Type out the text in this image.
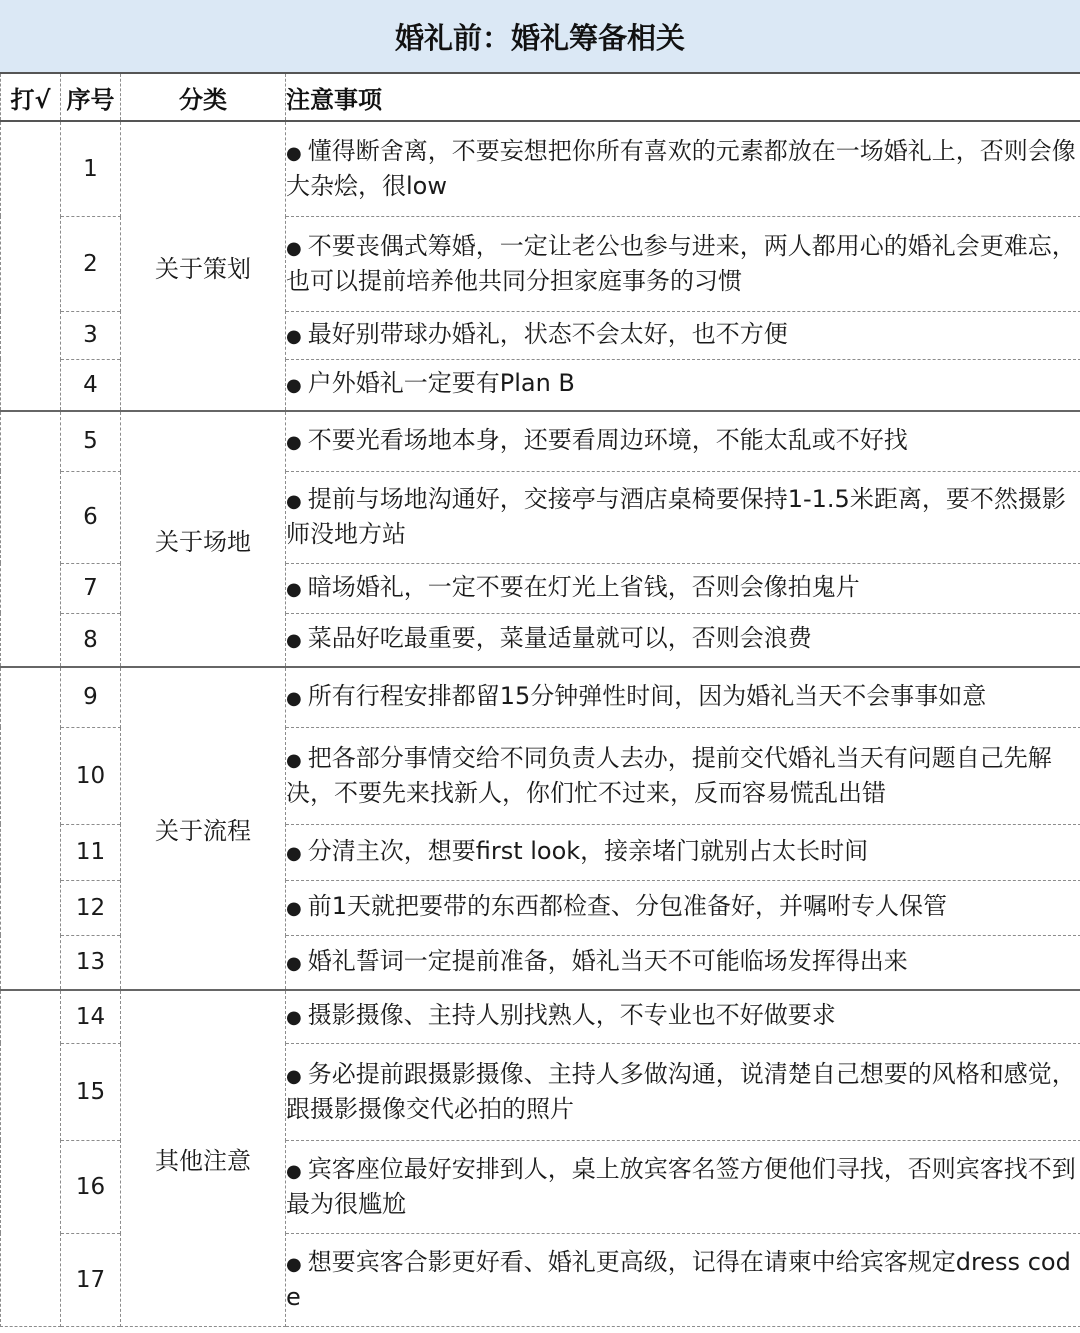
婚礼前：婚礼筹备相关
打√	序号	分类	注意事项
	1	关于策划	● 懂得断舍离，不要妄想把你所有喜欢的元素都放在一场婚礼上，否则会像大杂烩，很low
	2		● 不要丧偶式筹婚，一定让老公也参与进来，两人都用心的婚礼会更难忘，也可以提前培养他共同分担家庭事务的习惯
	3		● 最好别带球办婚礼，状态不会太好，也不方便
	4		● 户外婚礼一定要有Plan B
	5	关于场地	● 不要光看场地本身，还要看周边环境，不能太乱或不好找
	6		● 提前与场地沟通好，交接亭与酒店桌椅要保持1-1.5米距离，要不然摄影师没地方站
	7		● 暗场婚礼，一定不要在灯光上省钱，否则会像拍鬼片
	8		● 菜品好吃最重要，菜量适量就可以，否则会浪费
	9	关于流程	● 所有行程安排都留15分钟弹性时间，因为婚礼当天不会事事如意
	10		● 把各部分事情交给不同负责人去办，提前交代婚礼当天有问题自己先解决，不要先来找新人，你们忙不过来，反而容易慌乱出错
	11		● 分清主次，想要first look，接亲堵门就别占太长时间
	12		● 前1天就把要带的东西都检查、分包准备好，并嘱咐专人保管
	13		● 婚礼誓词一定提前准备，婚礼当天不可能临场发挥得出来
	14	其他注意	● 摄影摄像、主持人别找熟人，不专业也不好做要求
	15		● 务必提前跟摄影摄像、主持人多做沟通，说清楚自己想要的风格和感觉，跟摄影摄像交代必拍的照片
	16		● 宾客座位最好安排到人，桌上放宾客名签方便他们寻找，否则宾客找不到最为很尴尬
	17		● 想要宾客合影更好看、婚礼更高级，记得在请柬中给宾客规定dress code
